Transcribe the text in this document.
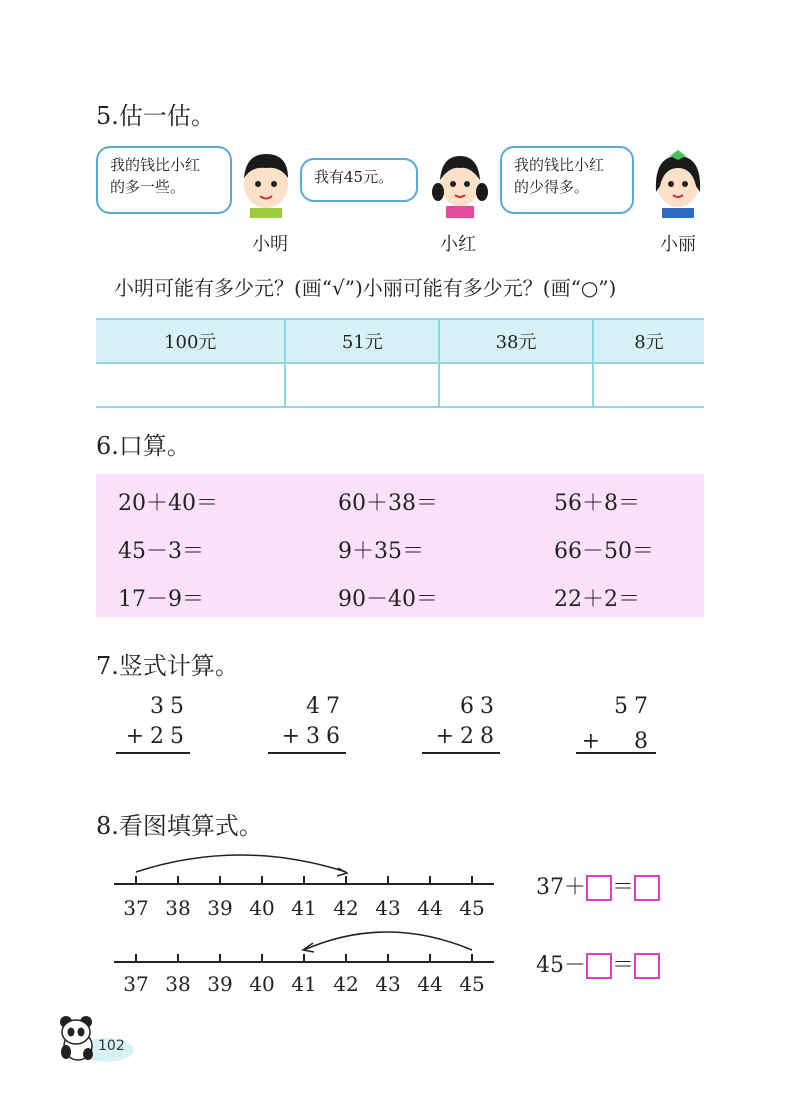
5.估一估。
我的钱比小红
的多一些。
我有45元。
我的钱比小红
的少得多。
小明	小红	小丽
小明可能有多少元？(画“√”)小丽可能有多少元？(画“○”)
100元	51元	38元	8元

6.口算。
20＋40＝	60＋38＝	56＋8＝
45－3＝	9＋35＝	66－50＝
17－9＝	90－40＝	22＋2＝
7.竖式计算。
35
+25
47
+36
63
+28
57
+　8
8.看图填算式。
37 38 39 40 41 42 43 44 45
37 38 39 40 41 42 43 44 45
37＋ ＝
45－ ＝
102
